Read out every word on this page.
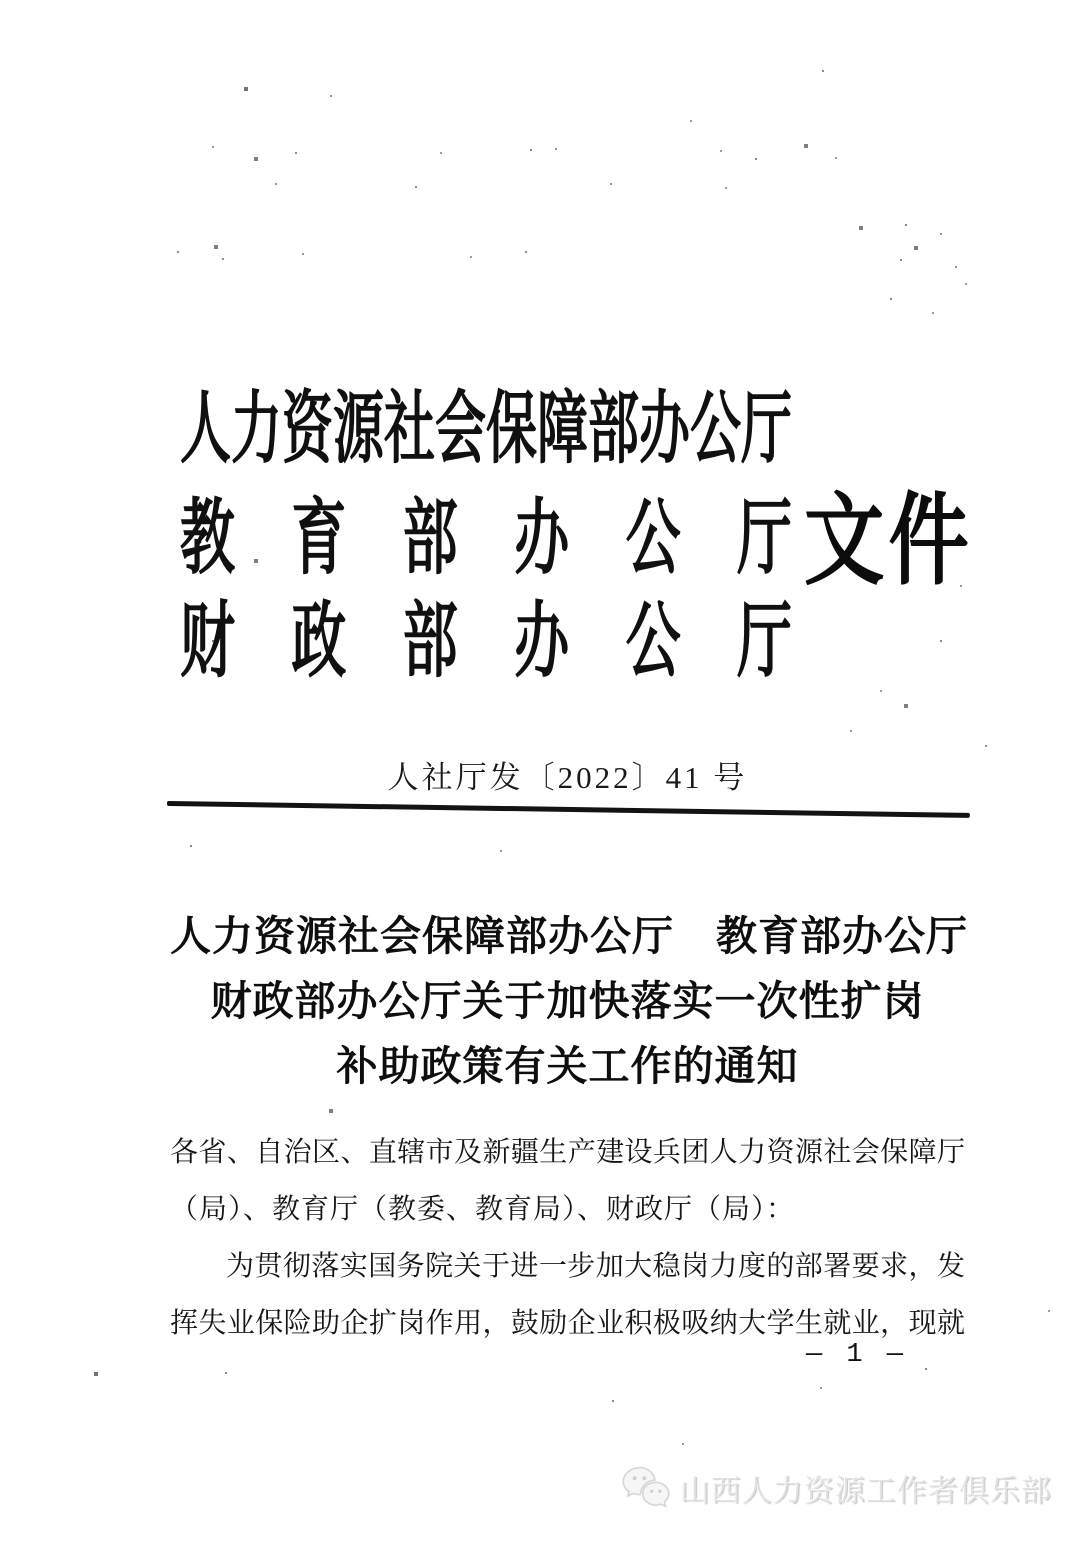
人力资源社会保障部办公厅
教育部办公厅 文件
财政部办公厅
人社厅发〔2022〕41 号
人力资源社会保障部办公厅　教育部办公厅
财政部办公厅关于加快落实一次性扩岗
补助政策有关工作的通知
各省、自治区、直辖市及新疆生产建设兵团人力资源社会保障厅
（局）、教育厅（教委、教育局）、财政厅（局）：
为贯彻落实国务院关于进一步加大稳岗力度的部署要求，发
挥失业保险助企扩岗作用，鼓励企业积极吸纳大学生就业，现就
— 1 —
山西人力资源工作者俱乐部
